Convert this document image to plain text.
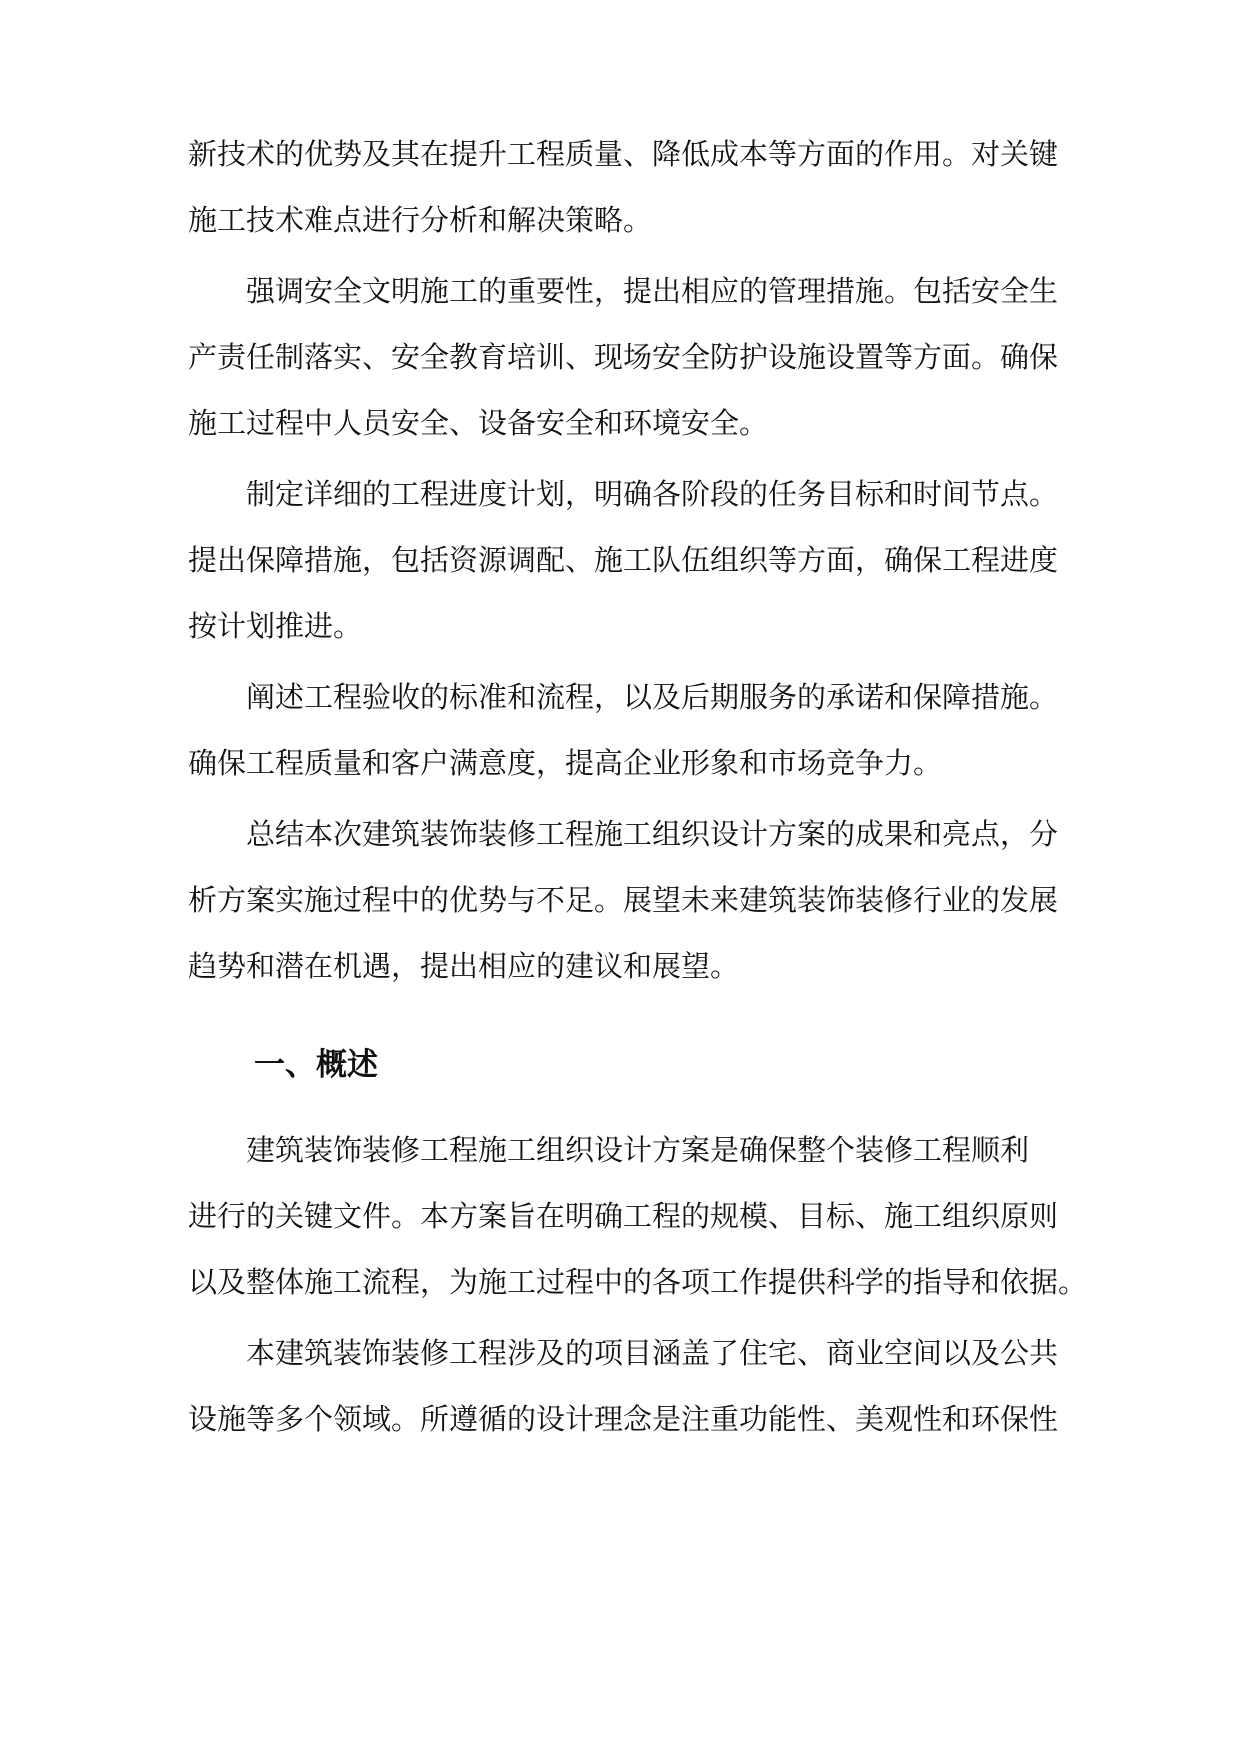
新技术的优势及其在提升工程质量、降低成本等方面的作用。对关键
施工技术难点进行分析和解决策略。
强调安全文明施工的重要性，提出相应的管理措施。包括安全生
产责任制落实、安全教育培训、现场安全防护设施设置等方面。确保
施工过程中人员安全、设备安全和环境安全。
制定详细的工程进度计划，明确各阶段的任务目标和时间节点。
提出保障措施，包括资源调配、施工队伍组织等方面，确保工程进度
按计划推进。
阐述工程验收的标准和流程，以及后期服务的承诺和保障措施。
确保工程质量和客户满意度，提高企业形象和市场竞争力。
总结本次建筑装饰装修工程施工组织设计方案的成果和亮点，分
析方案实施过程中的优势与不足。展望未来建筑装饰装修行业的发展
趋势和潜在机遇，提出相应的建议和展望。
一、概述
建筑装饰装修工程施工组织设计方案是确保整个装修工程顺利
进行的关键文件。本方案旨在明确工程的规模、目标、施工组织原则
以及整体施工流程，为施工过程中的各项工作提供科学的指导和依据。
本建筑装饰装修工程涉及的项目涵盖了住宅、商业空间以及公共
设施等多个领域。所遵循的设计理念是注重功能性、美观性和环保性
